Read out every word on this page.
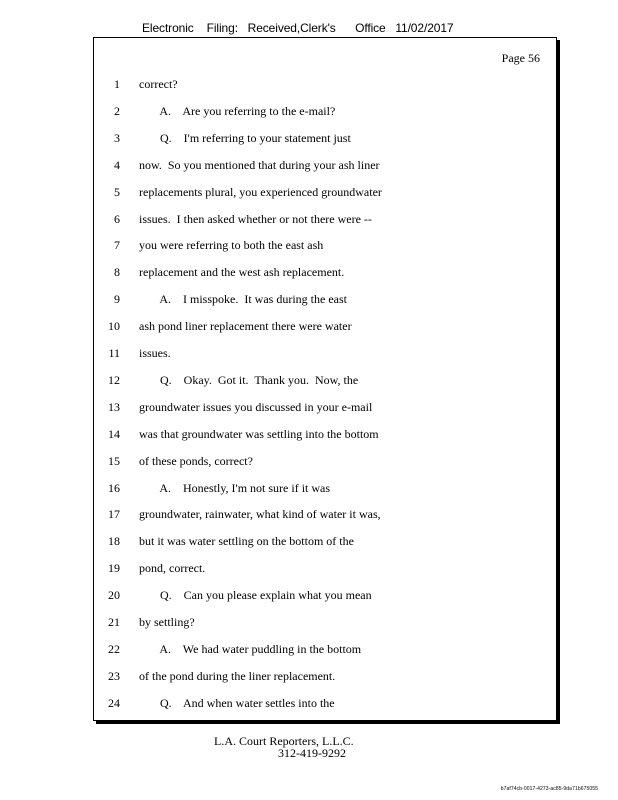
Electronic    Filing:   Received,Clerk's      Office   11/02/2017
Page 56
1 correct?
2 A.    Are you referring to the e-mail?
3 Q.    I'm referring to your statement just
4 now.  So you mentioned that during your ash liner
5 replacements plural, you experienced groundwater
6 issues.  I then asked whether or not there were --
7 you were referring to both the east ash
8 replacement and the west ash replacement.
9 A.    I misspoke.  It was during the east
10 ash pond liner replacement there were water
11 issues.
12 Q.    Okay.  Got it.  Thank you.  Now, the
13 groundwater issues you discussed in your e-mail
14 was that groundwater was settling into the bottom
15 of these ponds, correct?
16 A.    Honestly, I'm not sure if it was
17 groundwater, rainwater, what kind of water it was,
18 but it was water settling on the bottom of the
19 pond, correct.
20 Q.    Can you please explain what you mean
21 by settling?
22 A.    We had water puddling in the bottom
23 of the pond during the liner replacement.
24 Q.    And when water settles into the
L.A. Court Reporters, L.L.C.
312-419-9292
b7af74cb-0017-4273-ac85-9da71b675055
